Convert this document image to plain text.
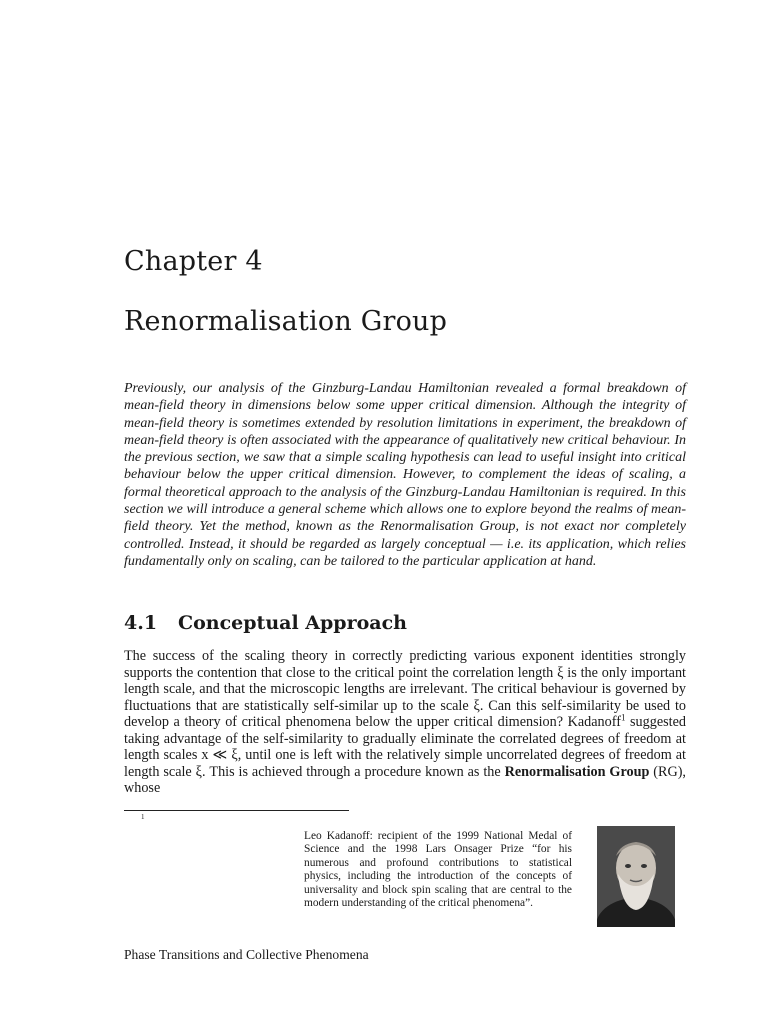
Chapter 4
Renormalisation Group
Previously, our analysis of the Ginzburg-Landau Hamiltonian revealed a formal breakdown of mean-field theory in dimensions below some upper critical dimension. Although the integrity of mean-field theory is sometimes extended by resolution limitations in experiment, the breakdown of mean-field theory is often associated with the appearance of qualitatively new critical behaviour. In the previous section, we saw that a simple scaling hypothesis can lead to useful insight into critical behaviour below the upper critical dimension. However, to complement the ideas of scaling, a formal theoretical approach to the analysis of the Ginzburg-Landau Hamiltonian is required. In this section we will introduce a general scheme which allows one to explore beyond the realms of mean-field theory. Yet the method, known as the Renormalisation Group, is not exact nor completely controlled. Instead, it should be regarded as largely conceptual — i.e. its application, which relies fundamentally only on scaling, can be tailored to the particular application at hand.
4.1 Conceptual Approach
The success of the scaling theory in correctly predicting various exponent identities strongly supports the contention that close to the critical point the correlation length ξ is the only important length scale, and that the microscopic lengths are irrelevant. The critical behaviour is governed by fluctuations that are statistically self-similar up to the scale ξ. Can this self-similarity be used to develop a theory of critical phenomena below the upper critical dimension? Kadanoff$^1$ suggested taking advantage of the self-similarity to gradually eliminate the correlated degrees of freedom at length scales x ≪ ξ, until one is left with the relatively simple uncorrelated degrees of freedom at length scale ξ. This is achieved through a procedure known as the Renormalisation Group (RG), whose
1
Leo Kadanoff: recipient of the 1999 National Medal of Science and the 1998 Lars Onsager Prize “for his numerous and profound contributions to statistical physics, including the introduction of the concepts of universality and block spin scaling that are central to the modern understanding of the critical phenomena”.
Phase Transitions and Collective Phenomena
